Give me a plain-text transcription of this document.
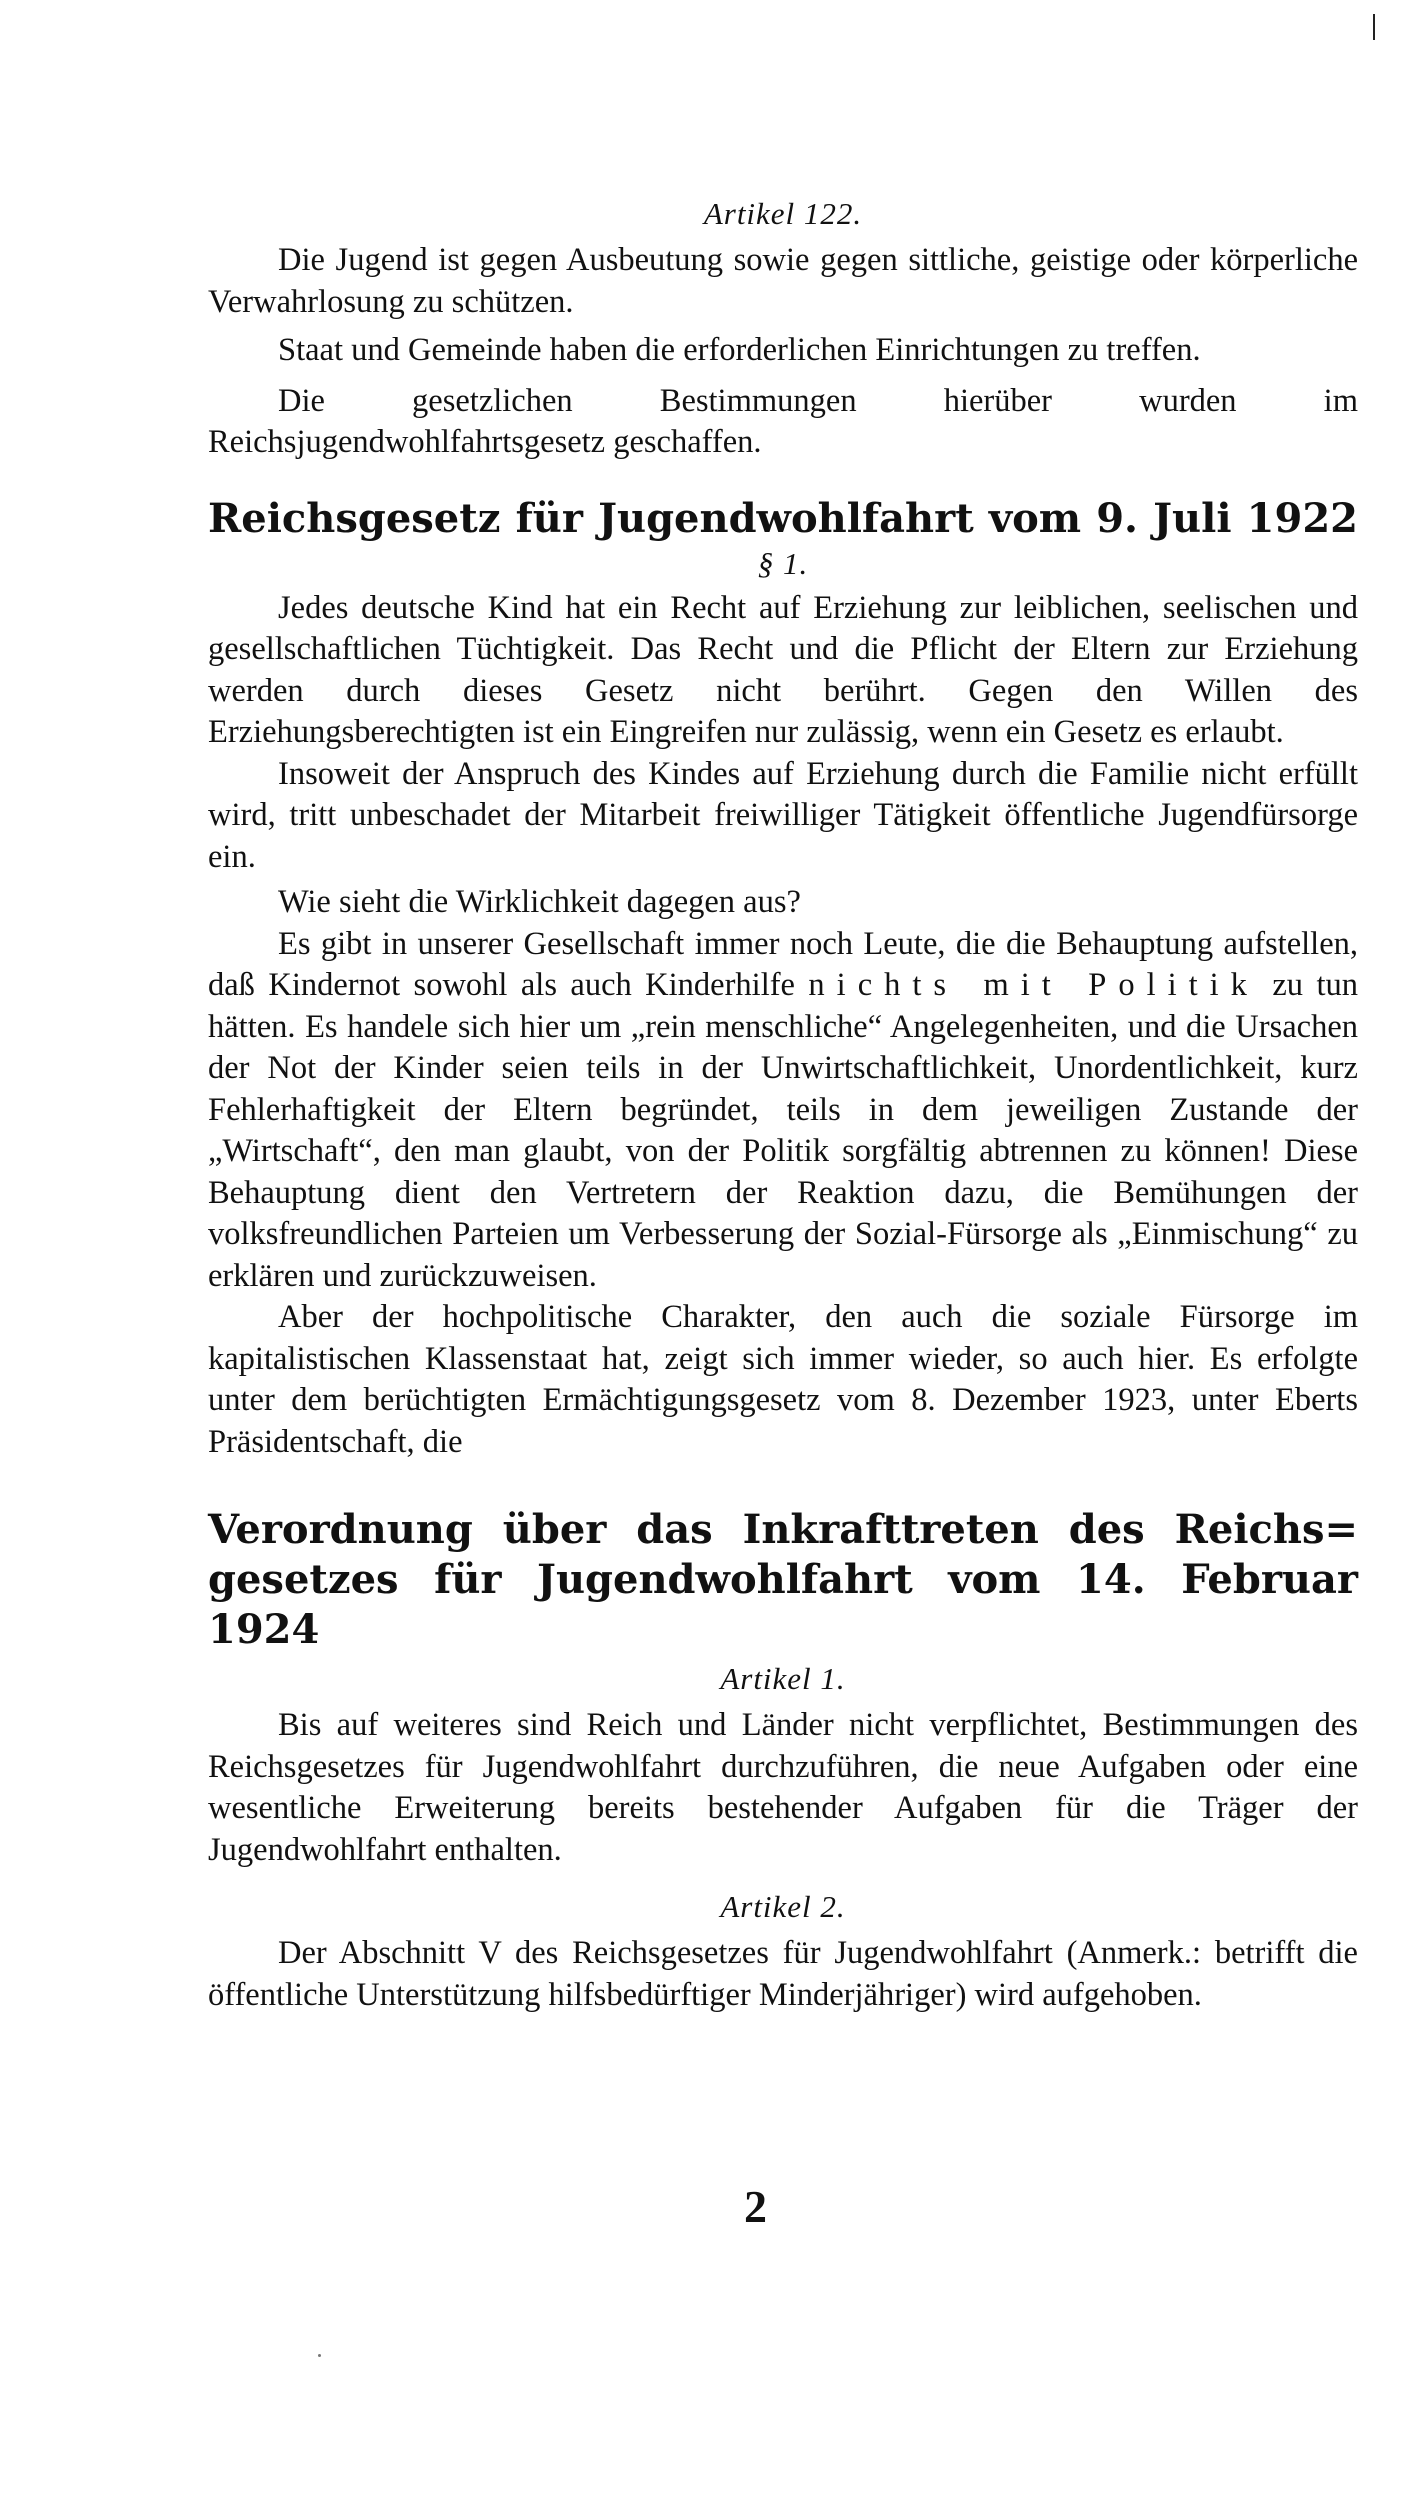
Artikel 122.

Die Jugend ist gegen Ausbeutung sowie gegen sittliche, geistige oder körperliche Verwahrlosung zu schützen.

Staat und Gemeinde haben die erforderlichen Einrichtungen zu treffen.

Die gesetzlichen Bestimmungen hierüber wurden im Reichsjugendwohlfahrtsgesetz geschaffen.

Reichsgesetz für Jugendwohlfahrt vom 9. Juli 1922
§ 1.

Jedes deutsche Kind hat ein Recht auf Erziehung zur leiblichen, seelischen und gesellschaftlichen Tüchtigkeit. Das Recht und die Pflicht der Eltern zur Erziehung werden durch dieses Gesetz nicht berührt. Gegen den Willen des Erziehungsberechtigten ist ein Eingreifen nur zulässig, wenn ein Gesetz es erlaubt.

Insoweit der Anspruch des Kindes auf Erziehung durch die Familie nicht erfüllt wird, tritt unbeschadet der Mitarbeit freiwilliger Tätigkeit öffentliche Jugendfürsorge ein.

Wie sieht die Wirklichkeit dagegen aus?

Es gibt in unserer Gesellschaft immer noch Leute, die die Behauptung aufstellen, daß Kindernot sowohl als auch Kinderhilfe nichts mit Politik zu tun hätten. Es handele sich hier um „rein menschliche“ Angelegenheiten, und die Ursachen der Not der Kinder seien teils in der Unwirtschaftlichkeit, Unordentlichkeit, kurz Fehlerhaftigkeit der Eltern begründet, teils in dem jeweiligen Zustande der „Wirtschaft“, den man glaubt, von der Politik sorgfältig abtrennen zu können! Diese Behauptung dient den Vertretern der Reaktion dazu, die Bemühungen der volksfreundlichen Parteien um Verbesserung der Sozial-Fürsorge als „Einmischung“ zu erklären und zurückzuweisen.

Aber der hochpolitische Charakter, den auch die soziale Fürsorge im kapitalistischen Klassenstaat hat, zeigt sich immer wieder, so auch hier. Es erfolgte unter dem berüchtigten Ermächtigungsgesetz vom 8. Dezember 1923, unter Eberts Präsidentschaft, die

Verordnung über das Inkrafttreten des Reichs=
gesetzes für Jugendwohlfahrt vom 14. Februar 1924
Artikel 1.

Bis auf weiteres sind Reich und Länder nicht verpflichtet, Bestimmungen des Reichsgesetzes für Jugendwohlfahrt durchzuführen, die neue Aufgaben oder eine wesentliche Erweiterung bereits bestehender Aufgaben für die Träger der Jugendwohlfahrt enthalten.

Artikel 2.

Der Abschnitt V des Reichsgesetzes für Jugendwohlfahrt (Anmerk.: betrifft die öffentliche Unterstützung hilfsbedürftiger Minderjähriger) wird aufgehoben.

2
